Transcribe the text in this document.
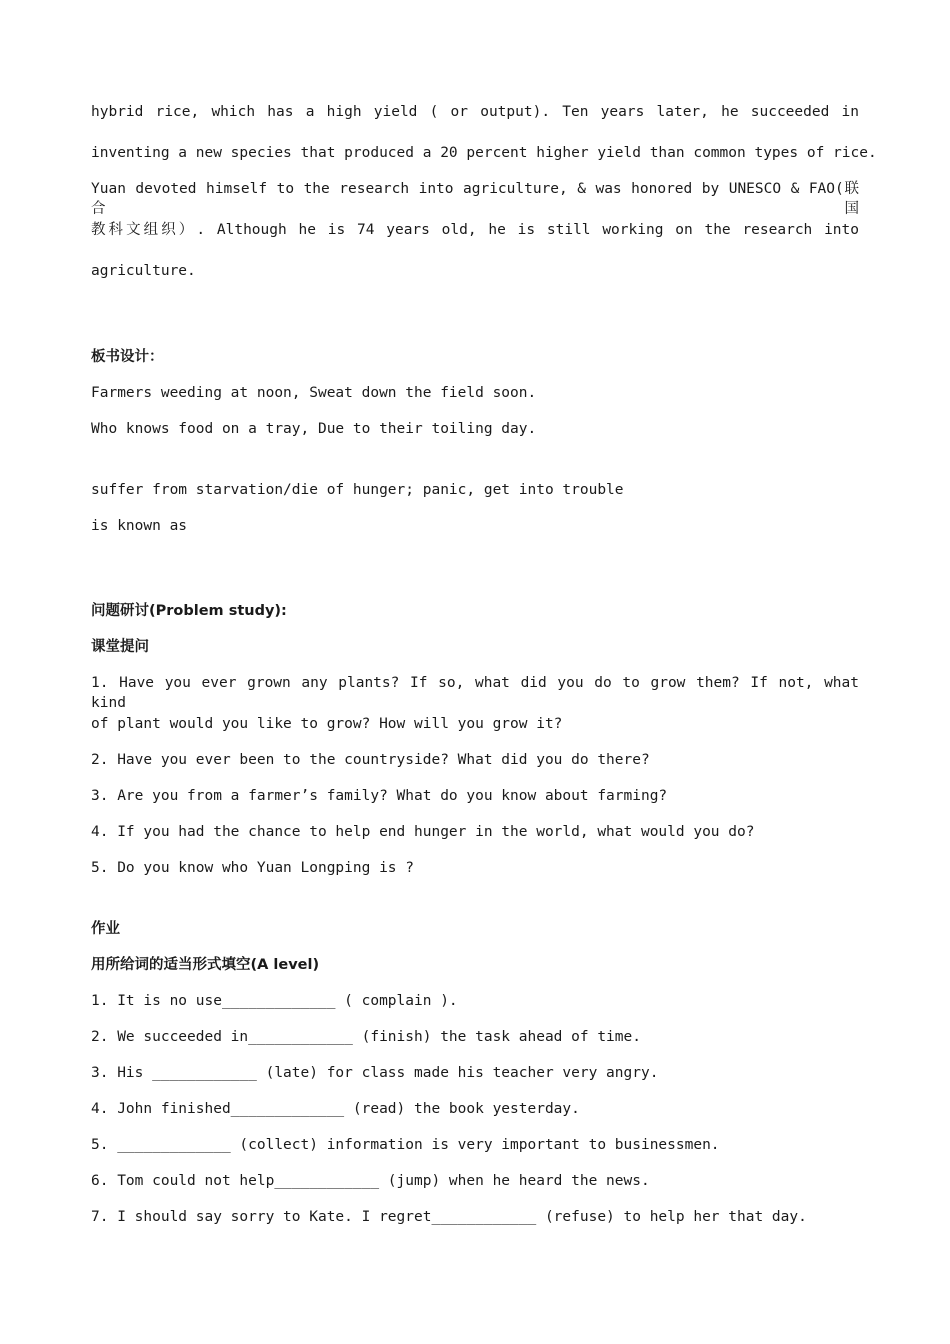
hybrid rice, which has a high yield ( or output). Ten years later, he succeeded in
inventing a new species that produced a 20 percent higher yield than common types of rice.
Yuan devoted himself to the research into agriculture, & was honored by UNESCO & FAO(联合国
教科文组织）. Although he is 74 years old, he is still working on the research into
agriculture.
板书设计：
Farmers weeding at noon, Sweat down the field soon.
Who knows food on a tray, Due to their toiling day.
suffer from starvation/die of hunger; panic, get into trouble
is known as
问题研讨(Problem study):
课堂提问
1. Have you ever grown any plants? If so, what did you do to grow them? If not, what kind
of plant would you like to grow? How will you grow it?
2. Have you ever been to the countryside? What did you do there?
3. Are you from a farmer’s family? What do you know about farming?
4. If you had the chance to help end hunger in the world, what would you do?
5. Do you know who Yuan Longping is ?
作业
用所给词的适当形式填空(A level)
1. It is no use_____________ ( complain ).
2. We succeeded in____________ (finish) the task ahead of time.
3. His ____________ (late) for class made his teacher very angry.
4. John finished_____________ (read) the book yesterday.
5. _____________ (collect) information is very important to businessmen.
6. Tom could not help____________ (jump) when he heard the news.
7. I should say sorry to Kate. I regret____________ (refuse) to help her that day.
